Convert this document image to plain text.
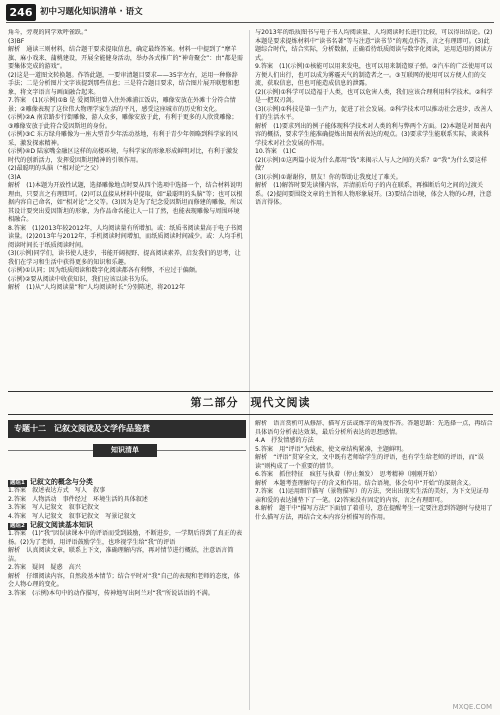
246 初中习题化知识清单 · 语文

角斗，旁观的同学欢呼雀跃。”

(3)BF

解析　通读三则材料，结合题干要求提取信息，确定最终答案。材料一中提到了“摩羊旗、麻小戏来、蒲桃建设，开展全能健身活动，举办各式推广的“神奇聚会”：由“都是需要集体完成的游戏”。

(2)这是一道图文转换题。作答此题，一要审清题目要求——35字左右，运用一种修辞手法；二是分析图片文字该提到那些信息；三是符合题目要求，结合图片展开联想和想象，将文字语言与画面融合起来。

7.答案　(1)(示例)①B 是 爱阅斯坦曾入住外滩浦江饭店，雕像安放在外滩十分符合情景；②雕像表现了这位伟大物理学家生活的平凡，感受这座城市的历史和文化。

(示例)②A 南京路步行街雕像，游人众多，雕像安放于此，有利于更多的人欣赏雕像；③雕像安放于此符合爱因斯坦的身份。

(示例)③C 东方绿舟雕像为一座大型青少年活动基地，有利于青少年领略到科学家的风采，激发探索精神。

(示例)④D 陆家嘴金融区这样的高楼环境，与科学家的形象形成鲜明对比，有利于激发时代的创新活力，发挥爱因斯坦精神的引领作用。

(2)最聪明的头脑（“相对论”之父）

(3)A

解析　(1)本题为开放性试题，选择雕像地点时要从四个选项中选择一个，结合材料说明理由，只要言之有理即可。(2)可以直接从材料中提取，如“最聪明的头脑”等；也可以根据内容自己命名，如“相对论”之父等。(3)因为是为了纪念爱因斯坦而修建的雕像，所以其设计要突出爱因斯坦的形象，为作品命名能让人一目了然，也能表现雕像与周围环境相融合。

8.答案　(1)2013年较2012年，人均阅读量有所增加。或：纸质书阅读量高于电子书阅读量。(2)2013年与2012年，手机阅读时间增加，而纸质阅读时间减少。或：人均手机阅读时间长于纸质阅读时间。

(3)(示例)同学们，读书使人进步，书能开阔视野、提高阅读素养，启发我们的思考，让我们在学习和生活中获得更多的知识和乐趣。

(示例)①认同；因为纸质阅读和数字化阅读都各有利弊，不应过于偏颇。

(示例)②要从阅读中收获知识，我们应该以读书为乐。

解析　(1)从“人均阅读量”和“人均阅读时长”分别陈述，将2012年

与2013年的纸质图书与电子书人均阅读量、人均阅读时长进行比较，可以得出结论。(2)本题是要求提炼材料中“读书名著”等与注意“读书节”的观点作答，言之有理即可。(3)此题综合时代，结合实际，分析数据，正确看待纸质阅读与数字化阅读，运用适用的阅读方式。

9.答案　(1)(示例)①核能可以用来发电，也可以用来制造原子弹。②汽车的广泛使用可以方便人们出行，也可以成为雾霾天气的制造者之一。③互联网的使用可以方便人们的交流，获取信息，但也可能造成信息的泄露。

(2)(示例)①科学可以造福于人类，也可以危害人类，我们应该合理利用科学技术。②科学是一把双刃剑。

(3)(示例)①科技是第一生产力，促进了社会发展。②科学技术可以推动社会进步，改善人们的生活水平。

解析　(1)要求列出的例子能体现科学技术对人类的利与弊两个方面。(2)本题是对图表内容的概括，要求学生能准确提炼出图表所表达的观点。(3)要求学生能联系实际，谈谈科学技术对社会发展的作用。

10.答案　(1)C

(2)(示例)①这两篇小说为什么都用“钱”来揭示人与人之间的关系？②“我”为什么要这样做？

(3)(示例)①谢谢你，朋友！你的帮助让我度过了难关。

解析　(1)解答时要先读懂内容，弄清前后句子的内在联系，再推断后句之间的过渡关系。(2)提问要围绕文章的主旨和人物形象展开。(3)要结合语境，体会人物的心理，注意语言得体。

第二部分　现代文阅读
专题十二　记叙文阅读及文学作品鉴赏
知识清单

题组1 记叙文的概念与分类

1.答案　叙述表达方式　写人　叙事

2.答案　人物活动　事件经过　环境生活的具体叙述

3.答案　写人记叙文　叙事记叙文

4.答案　写人记叙文　叙事记叙文　写景记叙文

题组2 记叙文阅读基本知识

1.答案　(1)“我”因误读课本中的评语而受到鼓励，不断进步，一学期后得到了真正的表扬。(2)为了老师，用评语鼓励学生，也珍视学生给“我”的评语

解析　认真阅读文章，联系上下文，准确理解内容，再对情节进行概括，注意语言简洁。

2.答案　疑问　疑惑　高兴

解析　仔细阅读内容，自然段基本情节；结合平时对“我”自己的表现和老师的态度，体会人物心理的变化。

3.答案　(示例)本句中的动作描写，传神地写出阿兰对“我”所说话语的不满。

解析　语言赏析可从修辞、描写方法或炼字的角度作答。答题思路：先选择一点，再结合具体语句分析表达效果，最后分析所表达的思想感情。

4.A　抒发情感的方法

5.答案　用“评语”为线索，使文章结构紧凑，主题鲜明。

解析　“评语”贯穿全文，文中既有老师给学生的评语，也有学生给老师的评语，而“误读”则构成了一个重要的情节。

6.答案　抓住特征　疯狂与执着（停止频发）　思考精神（刚刚开始）

解析　本题考查理解句子的含义和作用。结合语境，体会句中“开始”的深刻含义。

7.答案　(1)运用细节描写（景物描写）的方法，突出出现实生活的美好，为下文见证母亲和爱的表达铺垫下了一笔。(2)答案没有固定的内容，言之有理即可。

8.解析　题干中“描写方法”下面加了着重号，意在提醒考生一定要注意到答题时与使用了什么描写方法，再结合文本内容分析描写的作用。

MXQE.COM
